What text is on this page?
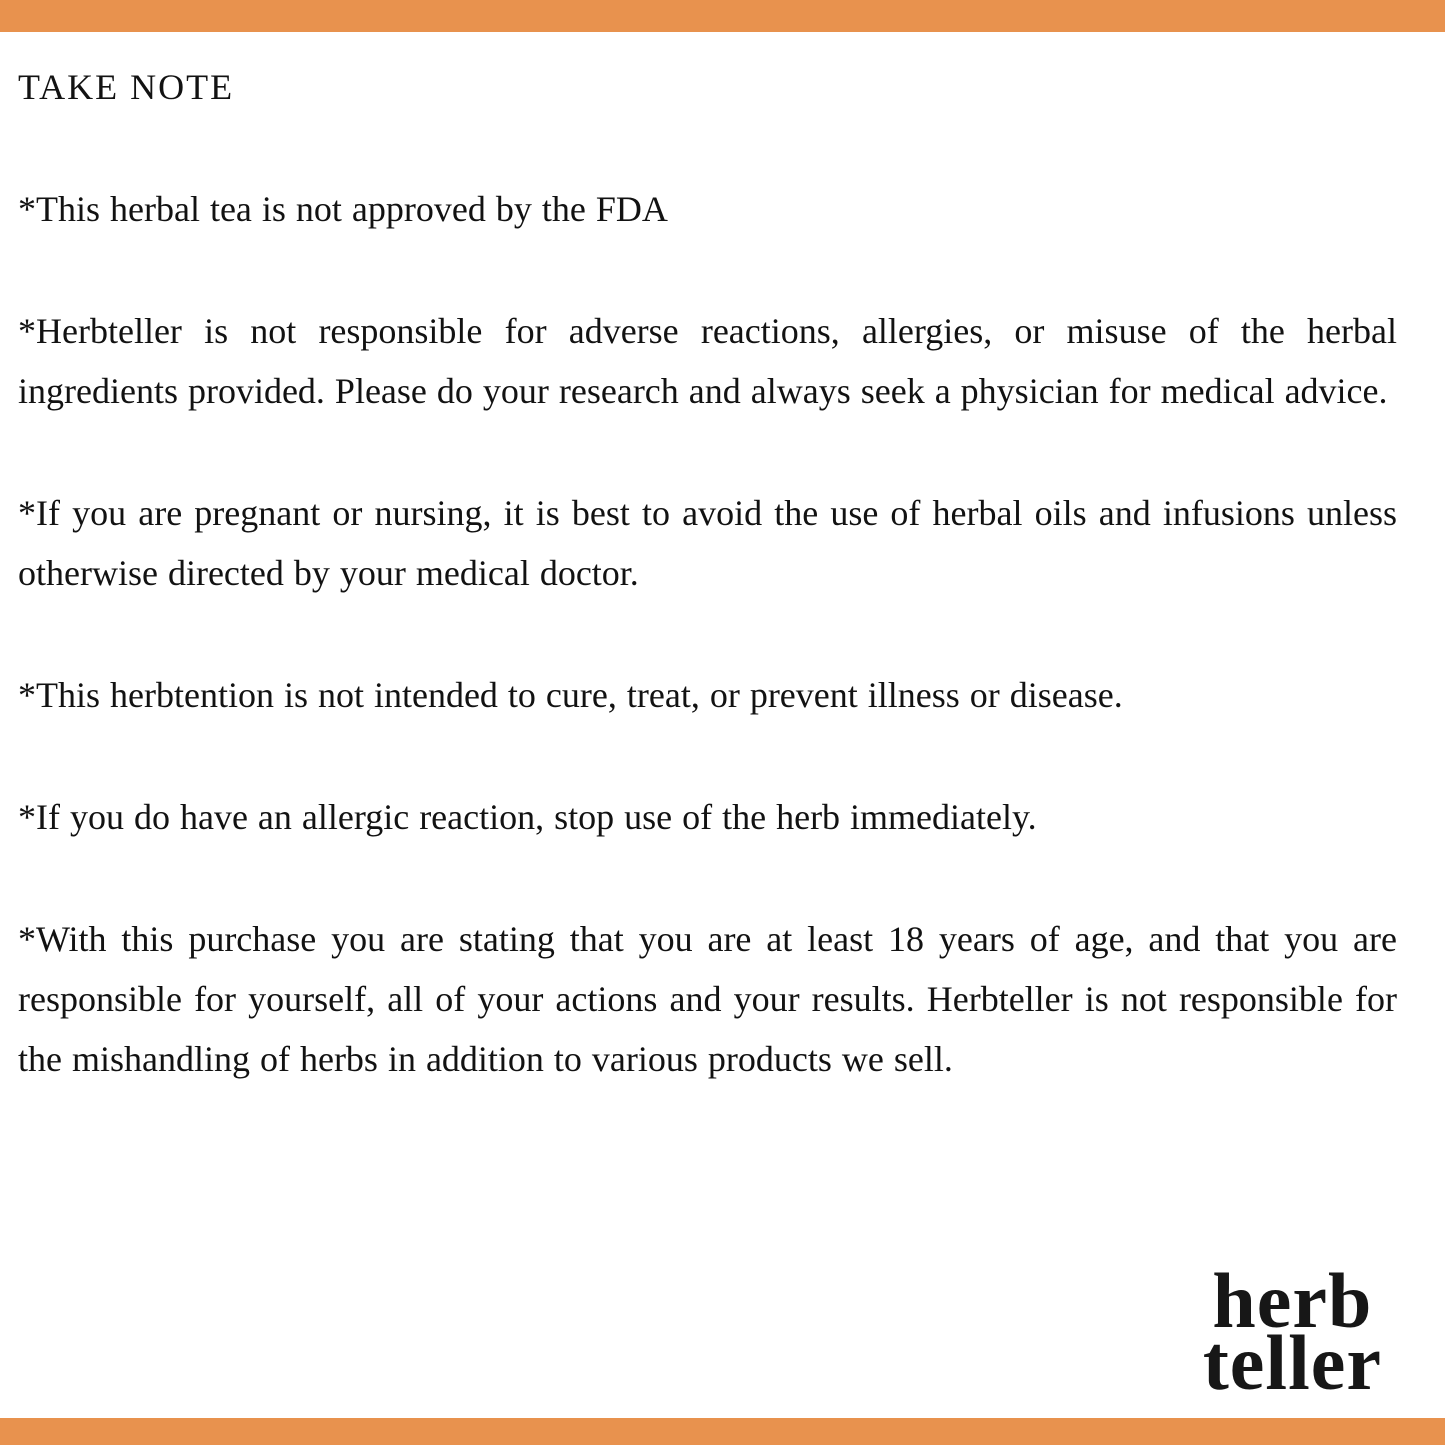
TAKE NOTE

*This herbal tea is not approved by the FDA

*Herbteller is not responsible for adverse reactions, allergies, or misuse of the herbal ingredients provided. Please do your research and always seek a physician for medical advice.

*If you are pregnant or nursing, it is best to avoid the use of herbal oils and infusions unless otherwise directed by your medical doctor.

*This herbtention is not intended to cure, treat, or prevent illness or disease.

*If you do have an allergic reaction, stop use of the herb immediately.

*With this purchase you are stating that you are at least 18 years of age, and that you are responsible for yourself, all of your actions and your results. Herbteller is not responsible for the mishandling of herbs in addition to various products we sell.

herb
teller
